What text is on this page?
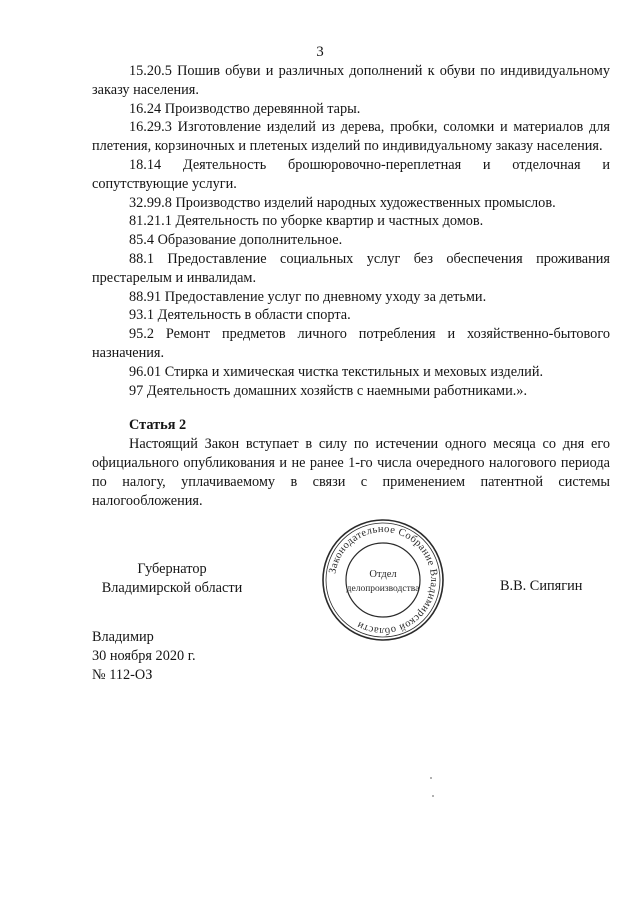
3

15.20.5 Пошив обуви и различных дополнений к обуви по индивидуальному заказу населения.

16.24 Производство деревянной тары.

16.29.3 Изготовление изделий из дерева, пробки, соломки и материалов для плетения, корзиночных и плетеных изделий по индивидуальному заказу населения.

18.14 Деятельность брошюровочно-переплетная и отделочная и сопутствующие услуги.

32.99.8 Производство изделий народных художественных промыслов.

81.21.1 Деятельность по уборке квартир и частных домов.

85.4 Образование дополнительное.

88.1 Предоставление социальных услуг без обеспечения проживания престарелым и инвалидам.

88.91 Предоставление услуг по дневному уходу за детьми.

93.1 Деятельность в области спорта.

95.2 Ремонт предметов личного потребления и хозяйственно-бытового назначения.

96.01 Стирка и химическая чистка текстильных и меховых изделий.

97 Деятельность домашних хозяйств с наемными работниками.».

Статья 2

Настоящий Закон вступает в силу по истечении одного месяца со дня его официального опубликования и не ранее 1-го числа очередного налогового периода по налогу, уплачиваемому в связи с применением патентной системы налогообложения.

Губернатор
Владимирской области
Законодательное Собрание Владимирской области
Отдел
делопроизводства	В.В. Сипягин
Владимир
30 ноября 2020 г.
№ 112-ОЗ
